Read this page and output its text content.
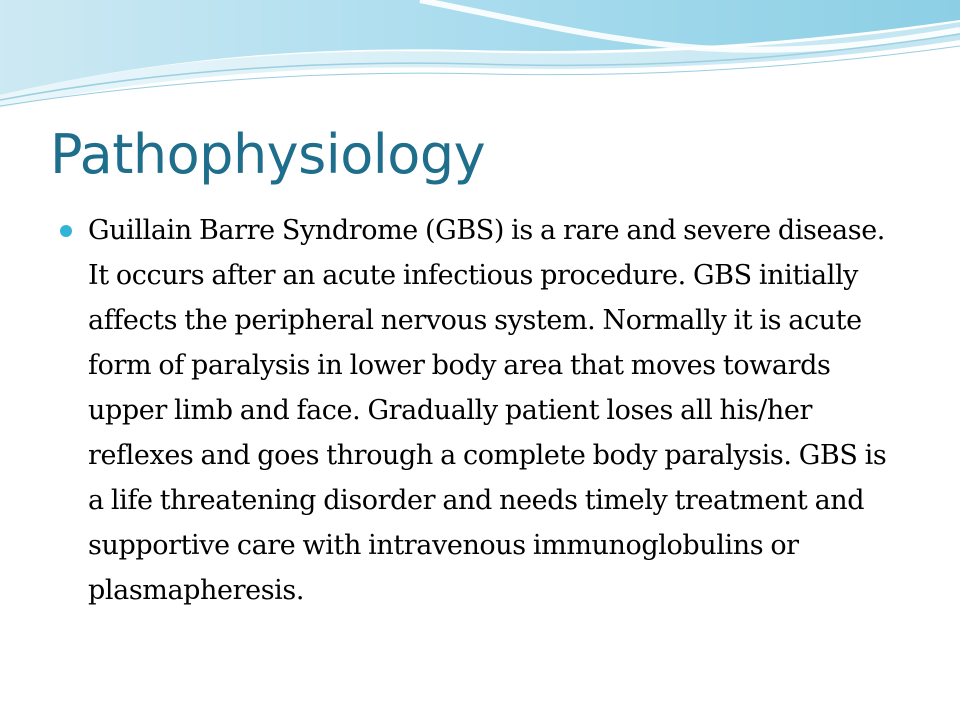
Pathophysiology

Guillain Barre Syndrome (GBS) is a rare and severe disease. It occurs after an acute infectious procedure. GBS initially affects the peripheral nervous system. Normally it is acute form of paralysis in lower body area that moves towards upper limb and face. Gradually patient loses all his/her reflexes and goes through a complete body paralysis. GBS is a life threatening disorder and needs timely treatment and supportive care with intravenous immunoglobulins or plasmapheresis.
